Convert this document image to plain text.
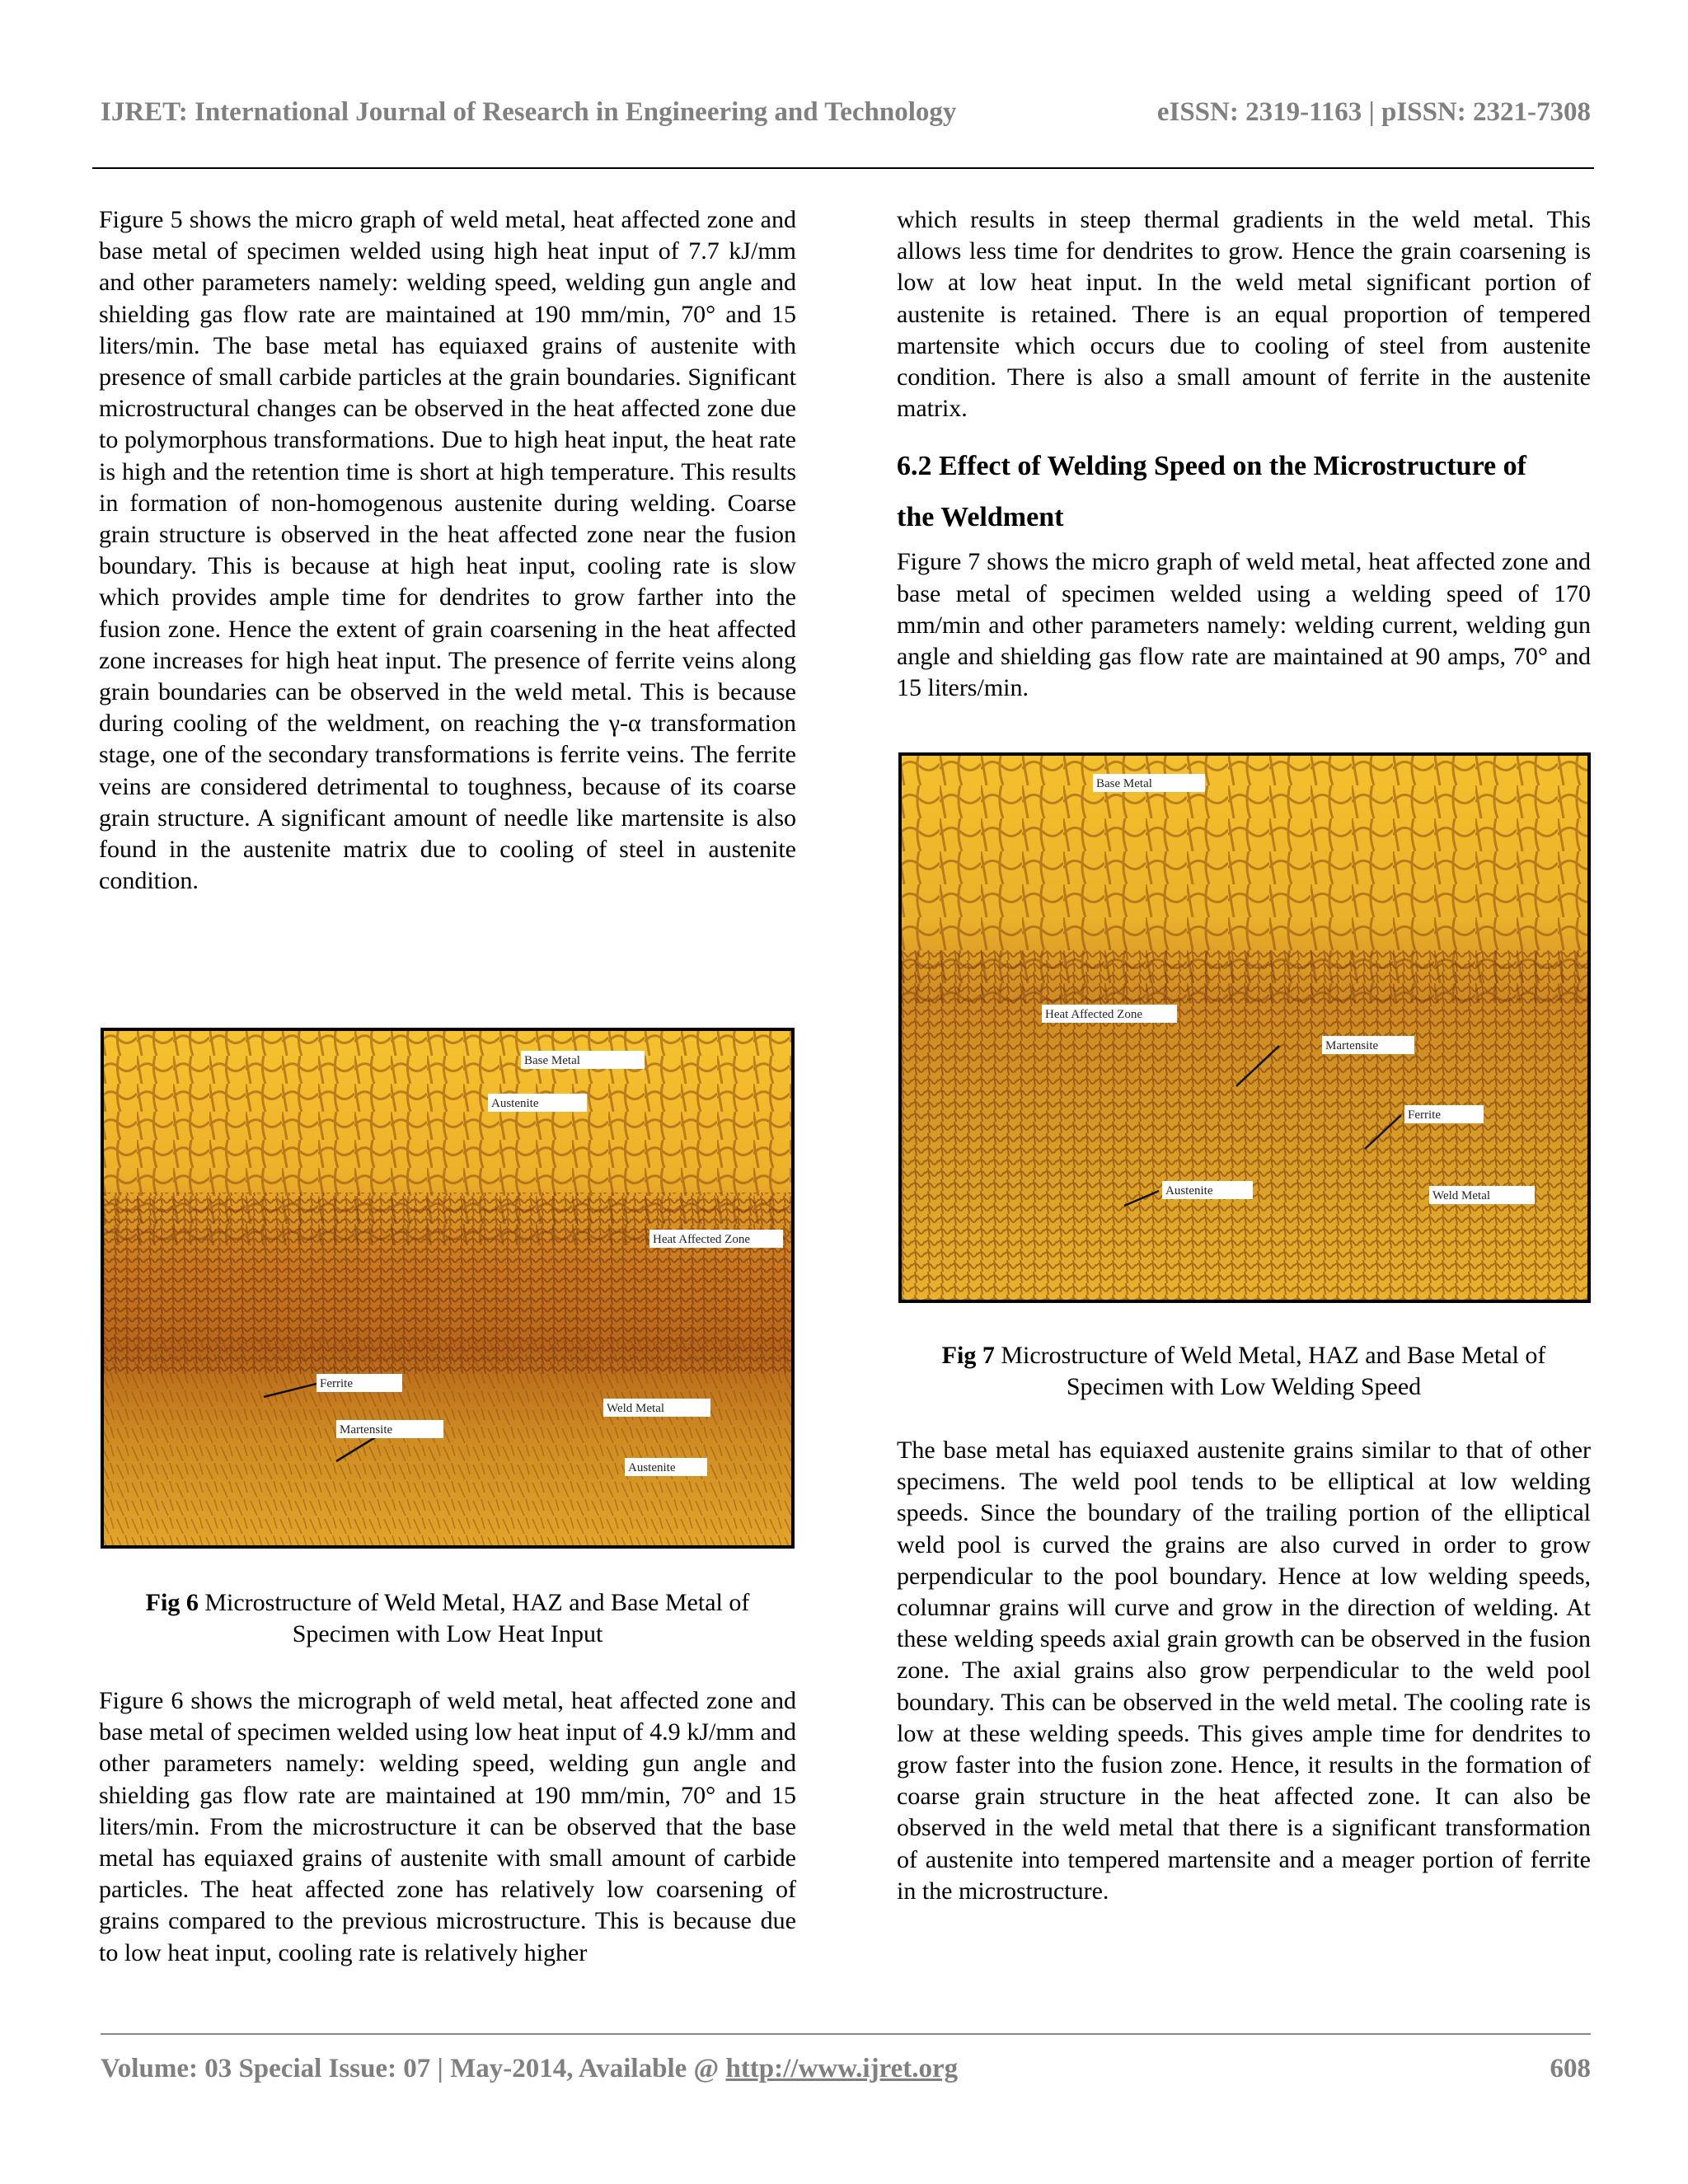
IJRET: International Journal of Research in Engineering and Technology	eISSN: 2319-1163 | pISSN: 2321-7308

Figure 5 shows the micro graph of weld metal, heat affected zone and base metal of specimen welded using high heat input of 7.7 kJ/mm and other parameters namely: welding speed, welding gun angle and shielding gas flow rate are maintained at 190 mm/min, 70° and 15 liters/min. The base metal has equiaxed grains of austenite with presence of small carbide particles at the grain boundaries. Significant microstructural changes can be observed in the heat affected zone due to polymorphous transformations. Due to high heat input, the heat rate is high and the retention time is short at high temperature. This results in formation of non-homogenous austenite during welding. Coarse grain structure is observed in the heat affected zone near the fusion boundary. This is because at high heat input, cooling rate is slow which provides ample time for dendrites to grow farther into the fusion zone. Hence the extent of grain coarsening in the heat affected zone increases for high heat input. The presence of ferrite veins along grain boundaries can be observed in the weld metal. This is because during cooling of the weldment, on reaching the γ-α transformation stage, one of the secondary transformations is ferrite veins. The ferrite veins are considered detrimental to toughness, because of its coarse grain structure. A significant amount of needle like martensite is also found in the austenite matrix due to cooling of steel in austenite condition.

Base Metal
Austenite
Heat Affected Zone
Ferrite
Weld Metal
Martensite
Austenite
Fig 6 Microstructure of Weld Metal, HAZ and Base Metal of
Specimen with Low Heat Input

Figure 6 shows the micrograph of weld metal, heat affected zone and base metal of specimen welded using low heat input of 4.9 kJ/mm and other parameters namely: welding speed, welding gun angle and shielding gas flow rate are maintained at 190 mm/min, 70° and 15 liters/min. From the microstructure it can be observed that the base metal has equiaxed grains of austenite with small amount of carbide particles. The heat affected zone has relatively low coarsening of grains compared to the previous microstructure. This is because due to low heat input, cooling rate is relatively higher

which results in steep thermal gradients in the weld metal. This allows less time for dendrites to grow. Hence the grain coarsening is low at low heat input. In the weld metal significant portion of austenite is retained. There is an equal proportion of tempered martensite which occurs due to cooling of steel from austenite condition. There is also a small amount of ferrite in the austenite matrix.

6.2 Effect of Welding Speed on the Microstructure of
the Weldment

Figure 7 shows the micro graph of weld metal, heat affected zone and base metal of specimen welded using a welding speed of 170 mm/min and other parameters namely: welding current, welding gun angle and shielding gas flow rate are maintained at 90 amps, 70° and 15 liters/min.

Base Metal
Heat Affected Zone
Martensite
Ferrite
Austenite	Weld Metal
Fig 7 Microstructure of Weld Metal, HAZ and Base Metal of
Specimen with Low Welding Speed

The base metal has equiaxed austenite grains similar to that of other specimens. The weld pool tends to be elliptical at low welding speeds. Since the boundary of the trailing portion of the elliptical weld pool is curved the grains are also curved in order to grow perpendicular to the pool boundary. Hence at low welding speeds, columnar grains will curve and grow in the direction of welding. At these welding speeds axial grain growth can be observed in the fusion zone. The axial grains also grow perpendicular to the weld pool boundary. This can be observed in the weld metal. The cooling rate is low at these welding speeds. This gives ample time for dendrites to grow faster into the fusion zone. Hence, it results in the formation of coarse grain structure in the heat affected zone. It can also be observed in the weld metal that there is a significant transformation of austenite into tempered martensite and a meager portion of ferrite in the microstructure.

Volume: 03 Special Issue: 07 | May-2014, Available @ http://www.ijret.org	608
